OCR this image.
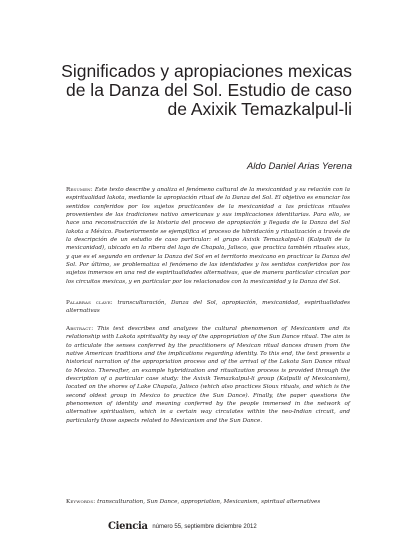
Significados y apropiaciones mexicas de la Danza del Sol. Estudio de caso de Axixik Temazkalpul-li
Aldo Daniel Arias Yerena

Resumen: Este texto describe y analiza el fenómeno cultural de la mexicanidad y su relación con la espiritualidad lakota, mediante la apropiación ritual de la Danza del Sol. El objetivo es enunciar los sentidos conferidos por los sujetos practicantes de la mexicanidad a las prácticas rituales provenientes de las tradiciones nativo americanas y sus implicaciones identitarias. Para ello, se hace una reconstrucción de la historia del proceso de apropiación y llegada de la Danza del Sol lakota a México. Posteriormente se ejemplifica el proceso de hibridación y ritualización a través de la descripción de un estudio de caso particular: el grupo Axixik Temazkalpul-li (Kalpulli de la mexicanidad), ubicado en la ribera del lago de Chapala, Jalisco, que practica también rituales siux, y que es el segundo en ordenar la Danza del Sol en el territorio mexicano en practicar la Danza del Sol. Por último, se problematiza el fenómeno de las identidades y los sentidos conferidos por los sujetos inmersos en una red de espiritualidades alternativas, que de manera particular circulan por los circuitos mexicas, y en particular por los relacionados con la mexicanidad y la Danza del Sol.

Palabras clave: transculturación, Danza del Sol, apropiación, mexicanidad, espiritualidades alternativas

Abstract: This text describes and analyzes the cultural phenomenon of Mexicanism and its relationship with Lakota spirituality by way of the appropriation of the Sun Dance ritual. The aim is to articulate the senses conferred by the practitioners of Mexican ritual dances drawn from the native American traditions and the implications regarding identity. To this end, the text presents a historical narration of the appropriation process and of the arrival of the Lakota Sun Dance ritual to Mexico. Thereafter, an example hybridization and ritualization process is provided through the description of a particular case study: the Axixik Temazkalpul-li group (Kalpulli of Mexicanism), located on the shores of Lake Chapala, Jalisco (which also practices Sioux rituals, and which is the second oldest group in Mexico to practice the Sun Dance). Finally, the paper questions the phenomenon of identity and meaning conferred by the people immersed in the network of alternative spiritualism, which in a certain way circulates within the neo-Indian circuit, and particularly those aspects related to Mexicanism and the Sun Dance.

Keywords: transculturation, Sun Dance, appropriation, Mexicanism, spiritual alternatives

Ciencia número 55, septiembre diciembre 2012
